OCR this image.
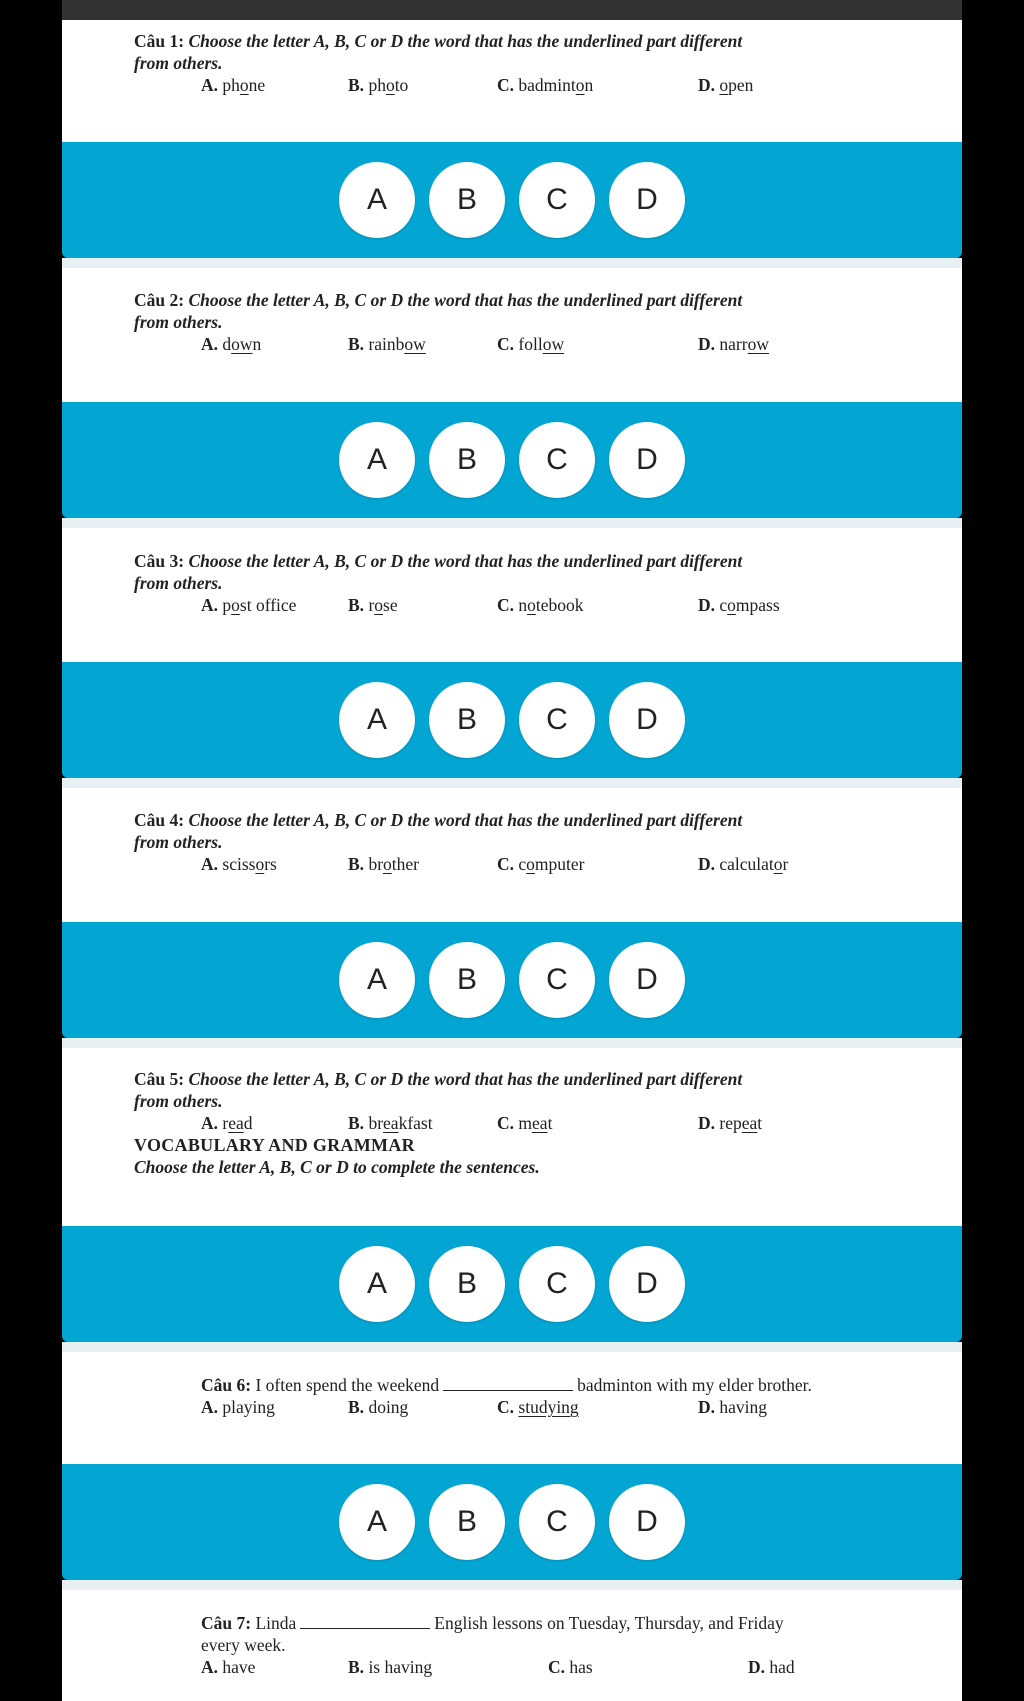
Câu 1: Choose the letter A, B, C or D the word that has the underlined part different
from others.
A. phone	B. photo	C. badminton	D. open
A	B	C	D
Câu 2: Choose the letter A, B, C or D the word that has the underlined part different
from others.
A. down	B. rainbow	C. follow	D. narrow
A	B	C	D
Câu 3: Choose the letter A, B, C or D the word that has the underlined part different
from others.
A. post office	B. rose	C. notebook	D. compass
A	B	C	D
Câu 4: Choose the letter A, B, C or D the word that has the underlined part different
from others.
A. scissors	B. brother	C. computer	D. calculator
A	B	C	D
Câu 5: Choose the letter A, B, C or D the word that has the underlined part different
from others.
A. read	B. breakfast	C. meat	D. repeat
VOCABULARY AND GRAMMAR
Choose the letter A, B, C or D to complete the sentences.
A	B	C	D
Câu 6: I often spend the weekend	badminton with my elder brother.
A. playing	B. doing	C. studying	D. having
A	B	C	D
Câu 7: Linda	English lessons on Tuesday, Thursday, and Friday
every week.
A. have	B. is having	C. has	D. had
